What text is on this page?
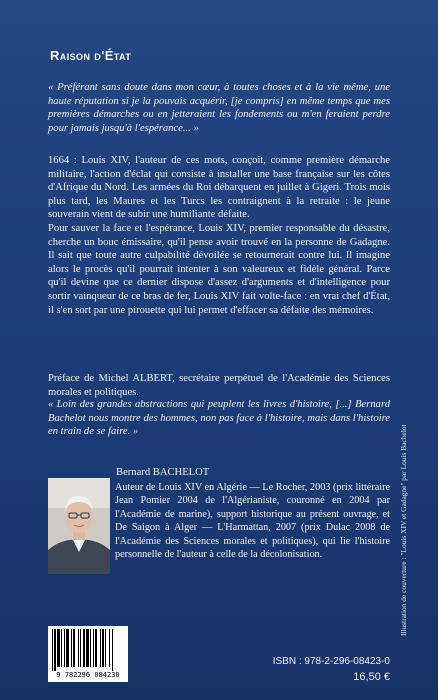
Raison d'État
« Préférant sans doute dans mon cœur, à toutes choses et à la vie même, une haute réputation si je la pouvais acquérir, [je compris] en même temps que mes premières démarches ou en jetteraient les fondements ou m'en feraient perdre pour jamais jusqu'à l'espérance... »

1664 : Louis XIV, l'auteur de ces mots, conçoit, comme première démarche militaire, l'action d'éclat qui consiste à installer une base française sur les côtes d'Afrique du Nord. Les armées du Roi débarquent en juillet à Gigeri. Trois mois plus tard, les Maures et les Turcs les contraignent à la retraite : le jeune souverain vient de subir une humiliante défaite.

Pour sauver la face et l'espérance, Louis XIV, premier responsable du désastre, cherche un bouc émissaire, qu'il pense avoir trouvé en la personne de Gadagne. Il sait que toute autre culpabilité dévoilée se retournerait contre lui. Il imagine alors le procès qu'il pourrait intenter à son valeureux et fidèle général. Parce qu'il devine que ce dernier dispose d'assez d'arguments et d'intelligence pour sortir vainqueur de ce bras de fer, Louis XIV fait volte-face : en vrai chef d'État, il s'en sort par une pirouette qui lui permet d'effacer sa défaite des mémoires.

Préface de Michel ALBERT, secrétaire perpétuel de l'Académie des Sciences morales et politiques.
« Loin des grandes abstractions qui peuplent les livres d'histoire, [...] Bernard Bachelot nous montre des hommes, non pas face à l'histoire, mais dans l'histoire en train de se faire. »
Bernard BACHELOT
Auteur de Louis XIV en Algérie — Le Rocher, 2003 (prix littéraire Jean Pomier 2004 de l'Algérianiste, couronné en 2004 par l'Académie de marine), support historique au présent ouvrage, et De Saigon à Alger — L'Harmattan, 2007 (prix Dulac 2008 de l'Académie des Sciences morales et politiques), qui lie l'histoire personnelle de l'auteur à celle de la décolonisation.
9 782296 084230
ISBN : 978-2-296-08423-0
16,50 €
Illustration de couverture : "Louis XIV et Gadagne" par Louis Bachelot
